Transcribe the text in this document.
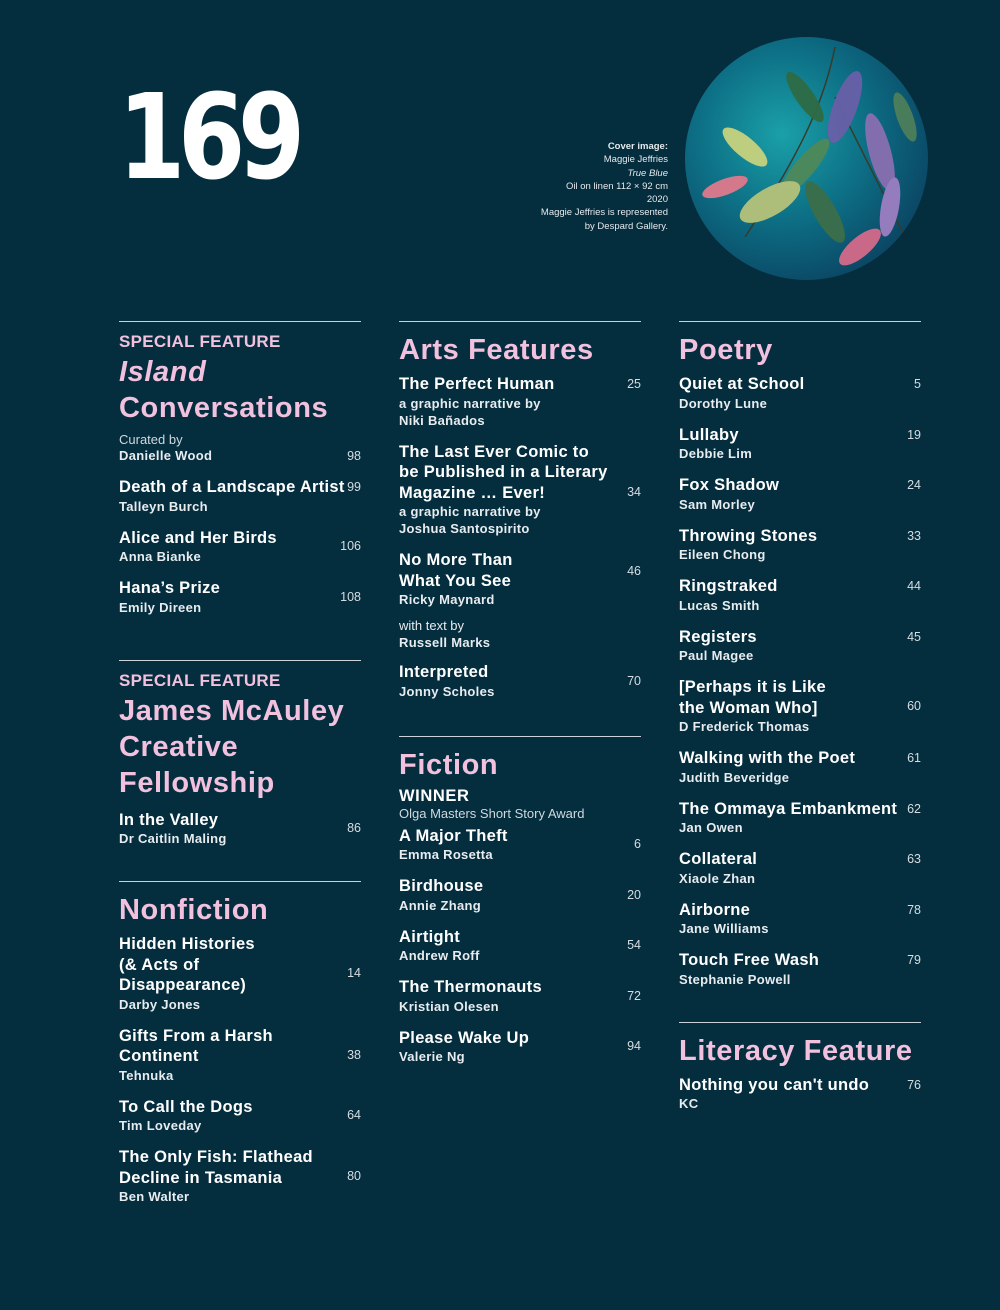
169	Cover image:
Maggie Jeffries
True Blue
Oil on linen 112 × 92 cm
2020
Maggie Jeffries is represented
by Despard Gallery.
SPECIAL FEATURE
Island
Conversations
Curated by
Danielle Wood	98
Death of a Landscape Artist
Talleyn Burch
99
Alice and Her Birds
Anna Bianke
106
Hana’s Prize
Emily Direen
108
SPECIAL FEATURE
James McAuley
Creative
Fellowship
In the Valley
Dr Caitlin Maling
86
Nonfiction
Hidden Histories
(& Acts of Disappearance)
Darby Jones
14
Gifts From a Harsh
Continent
Tehnuka
38
To Call the Dogs
Tim Loveday
64
The Only Fish: Flathead
Decline in Tasmania
Ben Walter
80
Arts Features
The Perfect Human
a graphic narrative by
Niki Bañados
25
The Last Ever Comic to
be Published in a Literary
Magazine … Ever!
a graphic narrative by
Joshua Santospirito
34
No More Than
What You See
Ricky Maynard
with text by
Russell Marks
46
Interpreted
Jonny Scholes
70
Fiction
WINNER
Olga Masters Short Story Award
A Major Theft
Emma Rosetta
6
Birdhouse
Annie Zhang
20
Airtight
Andrew Roff
54
The Thermonauts
Kristian Olesen
72
Please Wake Up
Valerie Ng
94
Poetry
Quiet at School
Dorothy Lune
5
Lullaby
Debbie Lim
19
Fox Shadow
Sam Morley
24
Throwing Stones
Eileen Chong
33
Ringstraked
Lucas Smith
44
Registers
Paul Magee
45
[Perhaps it is Like
the Woman Who]
D Frederick Thomas
60
Walking with the Poet
Judith Beveridge
61
The Ommaya Embankment
Jan Owen
62
Collateral
Xiaole Zhan
63
Airborne
Jane Williams
78
Touch Free Wash
Stephanie Powell
79
Literacy Feature
Nothing you can't undo
KC
76
